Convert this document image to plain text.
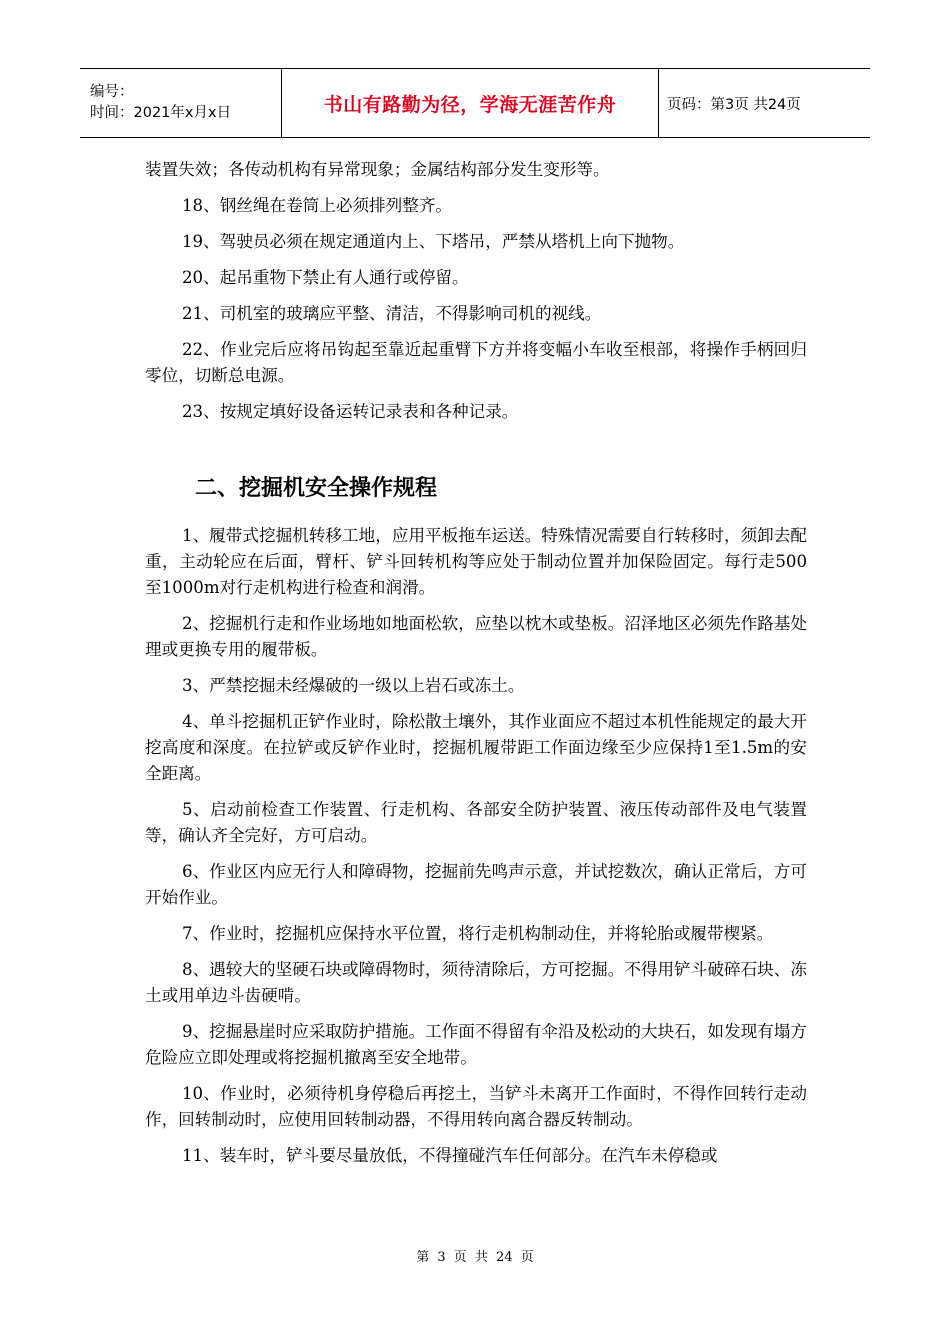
编号：
时间：2021年x月x日	书山有路勤为径，学海无涯苦作舟	页码：第3页 共24页

装置失效；各传动机构有异常现象；金属结构部分发生变形等。

18、钢丝绳在卷筒上必须排列整齐。

19、驾驶员必须在规定通道内上、下塔吊，严禁从塔机上向下抛物。

20、起吊重物下禁止有人通行或停留。

21、司机室的玻璃应平整、清洁，不得影响司机的视线。

22、作业完后应将吊钩起至靠近起重臂下方并将变幅小车收至根部，将操作手柄回归零位，切断总电源。

23、按规定填好设备运转记录表和各种记录。

二、挖掘机安全操作规程

1、履带式挖掘机转移工地，应用平板拖车运送。特殊情况需要自行转移时，须卸去配重，主动轮应在后面，臂杆、铲斗回转机构等应处于制动位置并加保险固定。每行走500至1000m对行走机构进行检查和润滑。

2、挖掘机行走和作业场地如地面松软，应垫以枕木或垫板。沼泽地区必须先作路基处理或更换专用的履带板。

3、严禁挖掘未经爆破的一级以上岩石或冻土。

4、单斗挖掘机正铲作业时，除松散土壤外，其作业面应不超过本机性能规定的最大开挖高度和深度。在拉铲或反铲作业时，挖掘机履带距工作面边缘至少应保持1至1.5m的安全距离。

5、启动前检查工作装置、行走机构、各部安全防护装置、液压传动部件及电气装置等，确认齐全完好，方可启动。

6、作业区内应无行人和障碍物，挖掘前先鸣声示意，并试挖数次，确认正常后，方可开始作业。

7、作业时，挖掘机应保持水平位置，将行走机构制动住，并将轮胎或履带楔紧。

8、遇较大的坚硬石块或障碍物时，须待清除后，方可挖掘。不得用铲斗破碎石块、冻土或用单边斗齿硬啃。

9、挖掘悬崖时应采取防护措施。工作面不得留有伞沿及松动的大块石，如发现有塌方危险应立即处理或将挖掘机撤离至安全地带。

10、作业时，必须待机身停稳后再挖土，当铲斗未离开工作面时，不得作回转行走动作，回转制动时，应使用回转制动器，不得用转向离合器反转制动。

11、装车时，铲斗要尽量放低，不得撞碰汽车任何部分。在汽车未停稳或

第 3 页 共 24 页
